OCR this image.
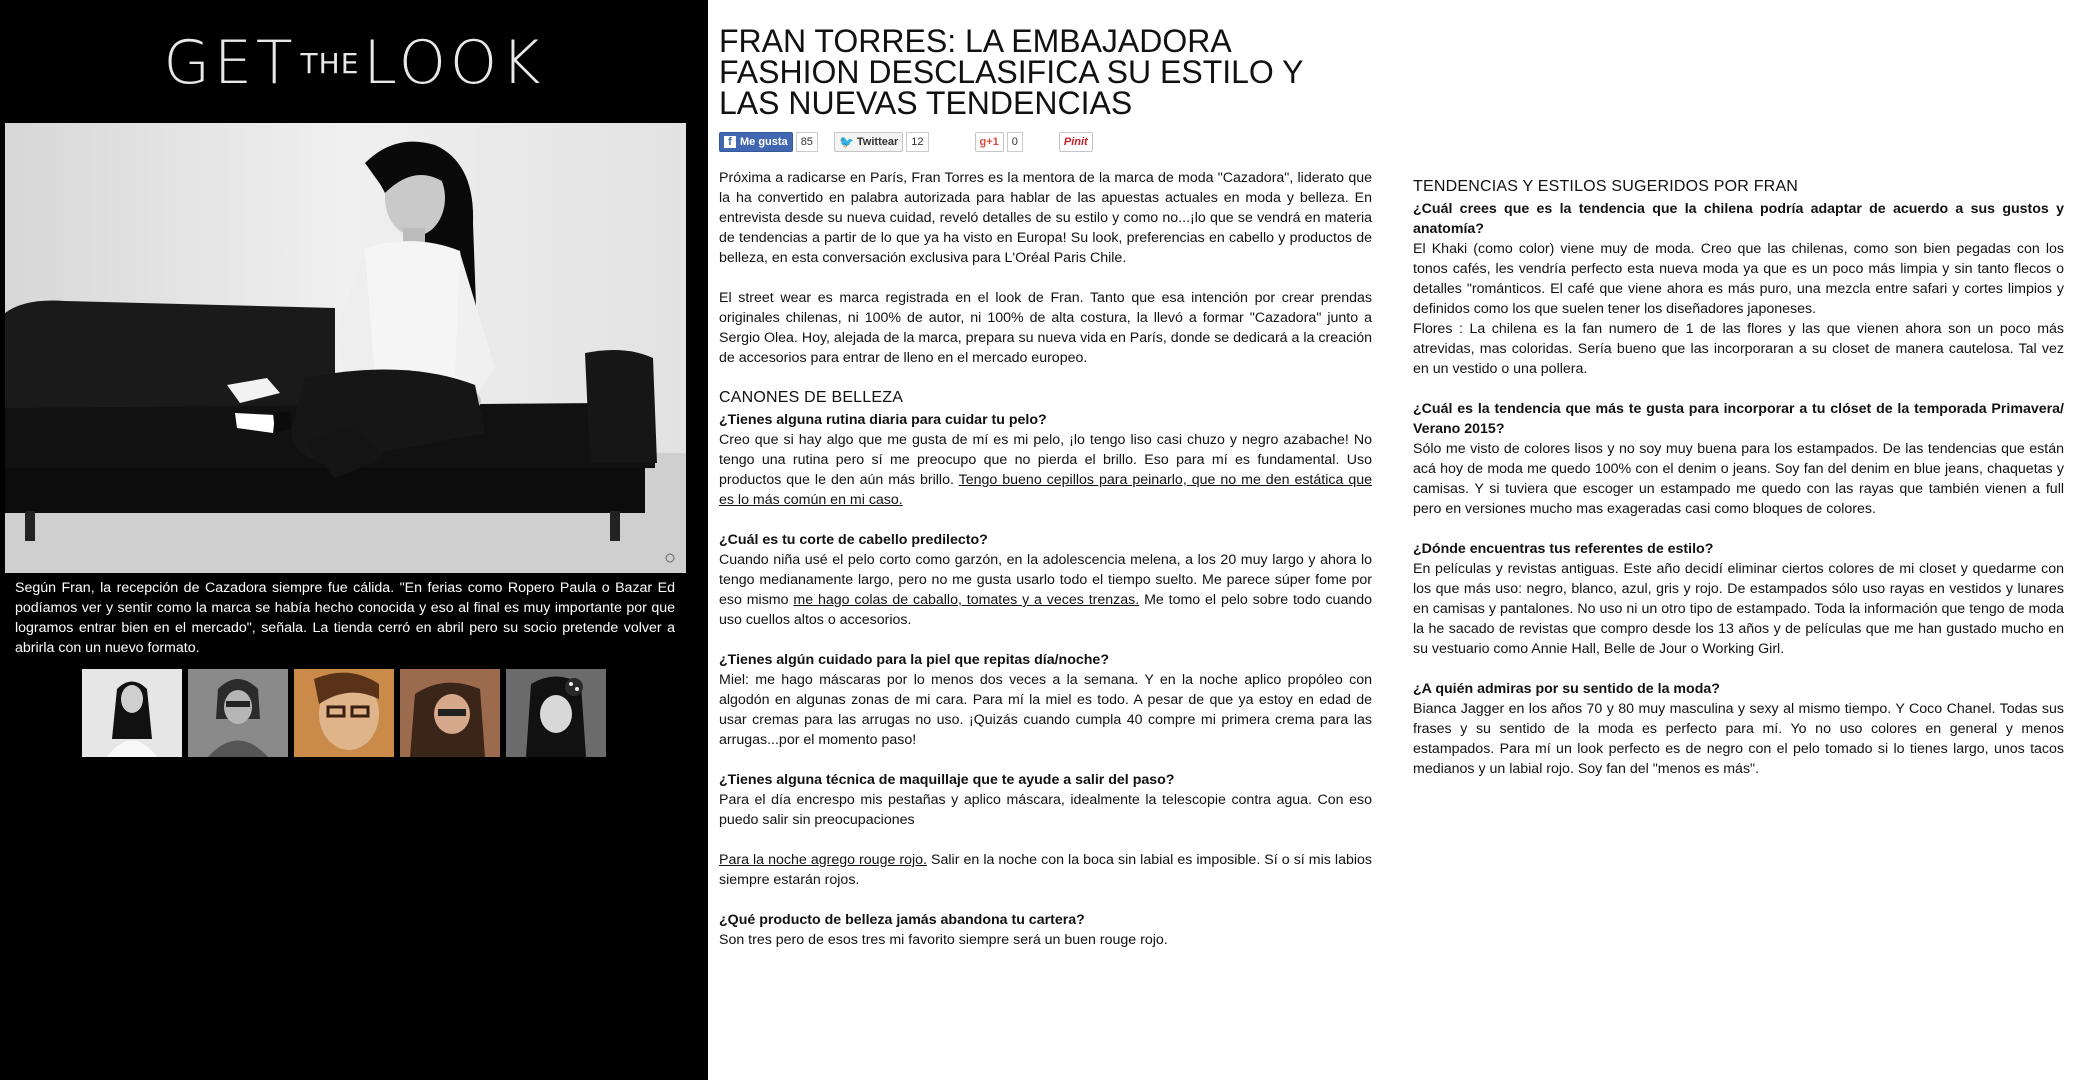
GET THELOOK

Según Fran, la recepción de Cazadora siempre fue cálida. "En ferias como Ropero Paula o Bazar Ed podíamos ver y sentir como la marca se había hecho conocida y eso al final es muy importante por que logramos entrar bien en el mercado", señala. La tienda cerró en abril pero su socio pretende volver a abrirla con un nuevo formato.

FRAN TORRES: LA EMBAJADORA FASHION DESCLASIFICA SU ESTILO Y LAS NUEVAS TENDENCIAS
f Me gusta	85	🐦 Twittear	12	g+1	0	Pinit

Próxima a radicarse en París, Fran Torres es la mentora de la marca de moda "Cazadora", liderato que la ha convertido en palabra autorizada para hablar de las apuestas actuales en moda y belleza. En entrevista desde su nueva cuidad, reveló detalles de su estilo y como no...¡lo que se vendrá en materia de tendencias a partir de lo que ya ha visto en Europa! Su look, preferencias en cabello y productos de belleza, en esta conversación exclusiva para L'Oréal Paris Chile.

El street wear es marca registrada en el look de Fran. Tanto que esa intención por crear prendas originales chilenas, ni 100% de autor, ni 100% de alta costura, la llevó a formar "Cazadora" junto a Sergio Olea. Hoy, alejada de la marca, prepara su nueva vida en París, donde se dedicará a la creación de accesorios para entrar de lleno en el mercado europeo.

CANONES DE BELLEZA
¿Tienes alguna rutina diaria para cuidar tu pelo?
Creo que si hay algo que me gusta de mí es mi pelo, ¡lo tengo liso casi chuzo y negro azabache! No tengo una rutina pero sí me preocupo que no pierda el brillo. Eso para mí es fundamental. Uso productos que le den aún más brillo. Tengo bueno cepillos para peinarlo, que no me den estática que es lo más común en mi caso.
¿Cuál es tu corte de cabello predilecto?
Cuando niña usé el pelo corto como garzón, en la adolescencia melena, a los 20 muy largo y ahora lo tengo medianamente largo, pero no me gusta usarlo todo el tiempo suelto. Me parece súper fome por eso mismo me hago colas de caballo, tomates y a veces trenzas. Me tomo el pelo sobre todo cuando uso cuellos altos o accesorios.
¿Tienes algún cuidado para la piel que repitas día/noche?
Miel: me hago máscaras por lo menos dos veces a la semana. Y en la noche aplico propóleo con algodón en algunas zonas de mi cara. Para mí la miel es todo. A pesar de que ya estoy en edad de usar cremas para las arrugas no uso. ¡Quizás cuando cumpla 40 compre mi primera crema para las arrugas...por el momento paso!
¿Tienes alguna técnica de maquillaje que te ayude a salir del paso?
Para el día encrespo mis pestañas y aplico máscara, idealmente la telescopie contra agua. Con eso puedo salir sin preocupaciones
Para la noche agrego rouge rojo. Salir en la noche con la boca sin labial es imposible. Sí o sí mis labios siempre estarán rojos.
¿Qué producto de belleza jamás abandona tu cartera?
Son tres pero de esos tres mi favorito siempre será un buen rouge rojo.
TENDENCIAS Y ESTILOS SUGERIDOS POR FRAN
¿Cuál crees que es la tendencia que la chilena podría adaptar de acuerdo a sus gustos y anatomía?
El Khaki (como color) viene muy de moda. Creo que las chilenas, como son bien pegadas con los tonos cafés, les vendría perfecto esta nueva moda ya que es un poco más limpia y sin tanto flecos o detalles "románticos. El café que viene ahora es más puro, una mezcla entre safari y cortes limpios y definidos como los que suelen tener los diseñadores japoneses.
Flores : La chilena es la fan numero de 1 de las flores y las que vienen ahora son un poco más atrevidas, mas coloridas. Sería bueno que las incorporaran a su closet de manera cautelosa. Tal vez en un vestido o una pollera.
¿Cuál es la tendencia que más te gusta para incorporar a tu clóset de la temporada Primavera/ Verano 2015?
Sólo me visto de colores lisos y no soy muy buena para los estampados. De las tendencias que están acá hoy de moda me quedo 100% con el denim o jeans. Soy fan del denim en blue jeans, chaquetas y camisas. Y si tuviera que escoger un estampado me quedo con las rayas que también vienen a full pero en versiones mucho mas exageradas casi como bloques de colores.
¿Dónde encuentras tus referentes de estilo?
En películas y revistas antiguas. Este año decidí eliminar ciertos colores de mi closet y quedarme con los que más uso: negro, blanco, azul, gris y rojo. De estampados sólo uso rayas en vestidos y lunares en camisas y pantalones. No uso ni un otro tipo de estampado. Toda la información que tengo de moda la he sacado de revistas que compro desde los 13 años y de películas que me han gustado mucho en su vestuario como Annie Hall, Belle de Jour o Working Girl.
¿A quién admiras por su sentido de la moda?
Bianca Jagger en los años 70 y 80 muy masculina y sexy al mismo tiempo. Y Coco Chanel. Todas sus frases y su sentido de la moda es perfecto para mí. Yo no uso colores en general y menos estampados. Para mí un look perfecto es de negro con el pelo tomado si lo tienes largo, unos tacos medianos y un labial rojo. Soy fan del "menos es más".
